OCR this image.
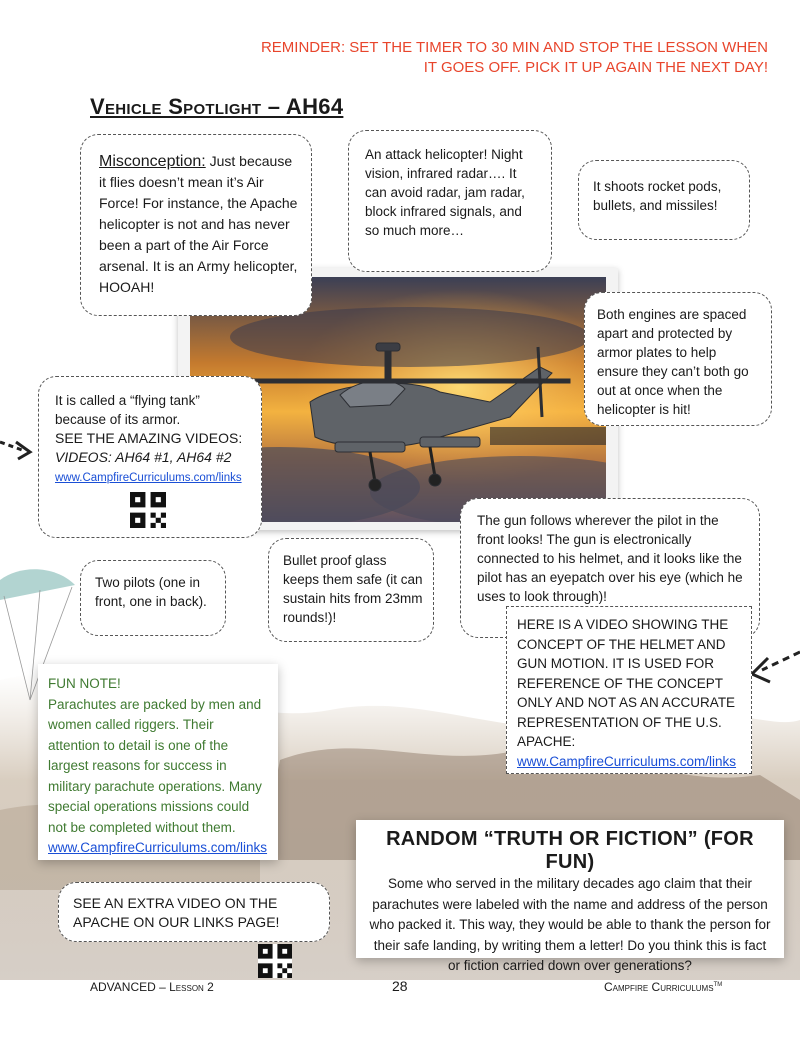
REMINDER: SET THE TIMER TO 30 MIN AND STOP THE LESSON WHEN IT GOES OFF. PICK IT UP AGAIN THE NEXT DAY!
Vehicle Spotlight – AH64
Misconception: Just because it flies doesn’t mean it’s Air Force! For instance, the Apache helicopter is not and has never been a part of the Air Force arsenal. It is an Army helicopter, HOOAH!
An attack helicopter! Night vision, infrared radar…. It can avoid radar, jam radar, block infrared signals, and so much more…
It shoots rocket pods, bullets, and missiles!
Both engines are spaced apart and protected by armor plates to help ensure they can’t both go out at once when the helicopter is hit!
It is called a “flying tank” because of its armor.
SEE THE AMAZING VIDEOS:
VIDEOS: AH64 #1, AH64 #2
www.CampfireCurriculums.com/links
Two pilots (one in front, one in back).
Bullet proof glass keeps them safe (it can sustain hits from 23mm rounds!)!
The gun follows wherever the pilot in the front looks! The gun is electronically connected to his helmet, and it looks like the pilot has an eyepatch over his eye (which he uses to look through)!
HERE IS A VIDEO SHOWING THE CONCEPT OF THE HELMET AND GUN MOTION. IT IS USED FOR REFERENCE OF THE CONCEPT ONLY AND NOT AS AN ACCURATE REPRESENTATION OF THE U.S. APACHE:
www.CampfireCurriculums.com/links
FUN NOTE!
Parachutes are packed by men and women called riggers. Their attention to detail is one of the largest reasons for success in military parachute operations. Many special operations missions could not be completed without them.
www.CampfireCurriculums.com/links
SEE AN EXTRA VIDEO ON THE APACHE ON OUR LINKS PAGE!
RANDOM “TRUTH OR FICTION” (FOR FUN)
Some who served in the military decades ago claim that their parachutes were labeled with the name and address of the person who packed it. This way, they would be able to thank the person for their safe landing, by writing them a letter! Do you think this is fact or fiction carried down over generations?
ADVANCED – Lesson 2	28	Campfire Curriculums™
